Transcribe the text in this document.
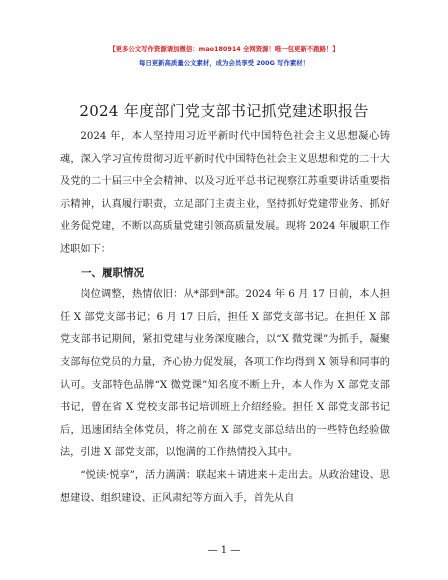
【更多公文写作资源请加微信：mao180914 全网资源！唯一包更新不跑路！】
每日更新高质量公文素材，成为会员享受 200G 写作素材！
2024 年度部门党支部书记抓党建述职报告

2024 年，本人坚持用习近平新时代中国特色社会主义思想凝心铸魂，深入学习宣传贯彻习近平新时代中国特色社会主义思想和党的二十大及党的二十届三中全会精神、以及习近平总书记视察江苏重要讲话重要指示精神，认真履行职责，立足部门主责主业，坚持抓好党建带业务、抓好业务促党建，不断以高质量党建引领高质量发展。现将 2024 年履职工作述职如下：

一、履职情况

岗位调整，热情依旧：从*部到*部。2024 年 6 月 17 日前，本人担任 X 部党支部书记；6 月 17 日后，担任 X 部党支部书记。在担任 X 部党支部书记期间，紧扣党建与业务深度融合，以“X 微党课”为抓手，凝聚支部每位党员的力量，齐心协力促发展，各项工作均得到 X 领导和同事的认可。支部特色品牌“X 微党课”知名度不断上升，本人作为 X 部党支部书记，曾在省 X 党校支部书记培训班上介绍经验。担任 X 部党支部书记后，迅速团结全体党员，将之前在 X 部党支部总结出的一些特色经验做法，引进 X 部党支部，以饱满的工作热情投入其中。

“悦读·悦享”，活力满满：联起来＋请进来＋走出去。从政治建设、思想建设、组织建设、正风肃纪等方面入手，首先从自

— 1 —
